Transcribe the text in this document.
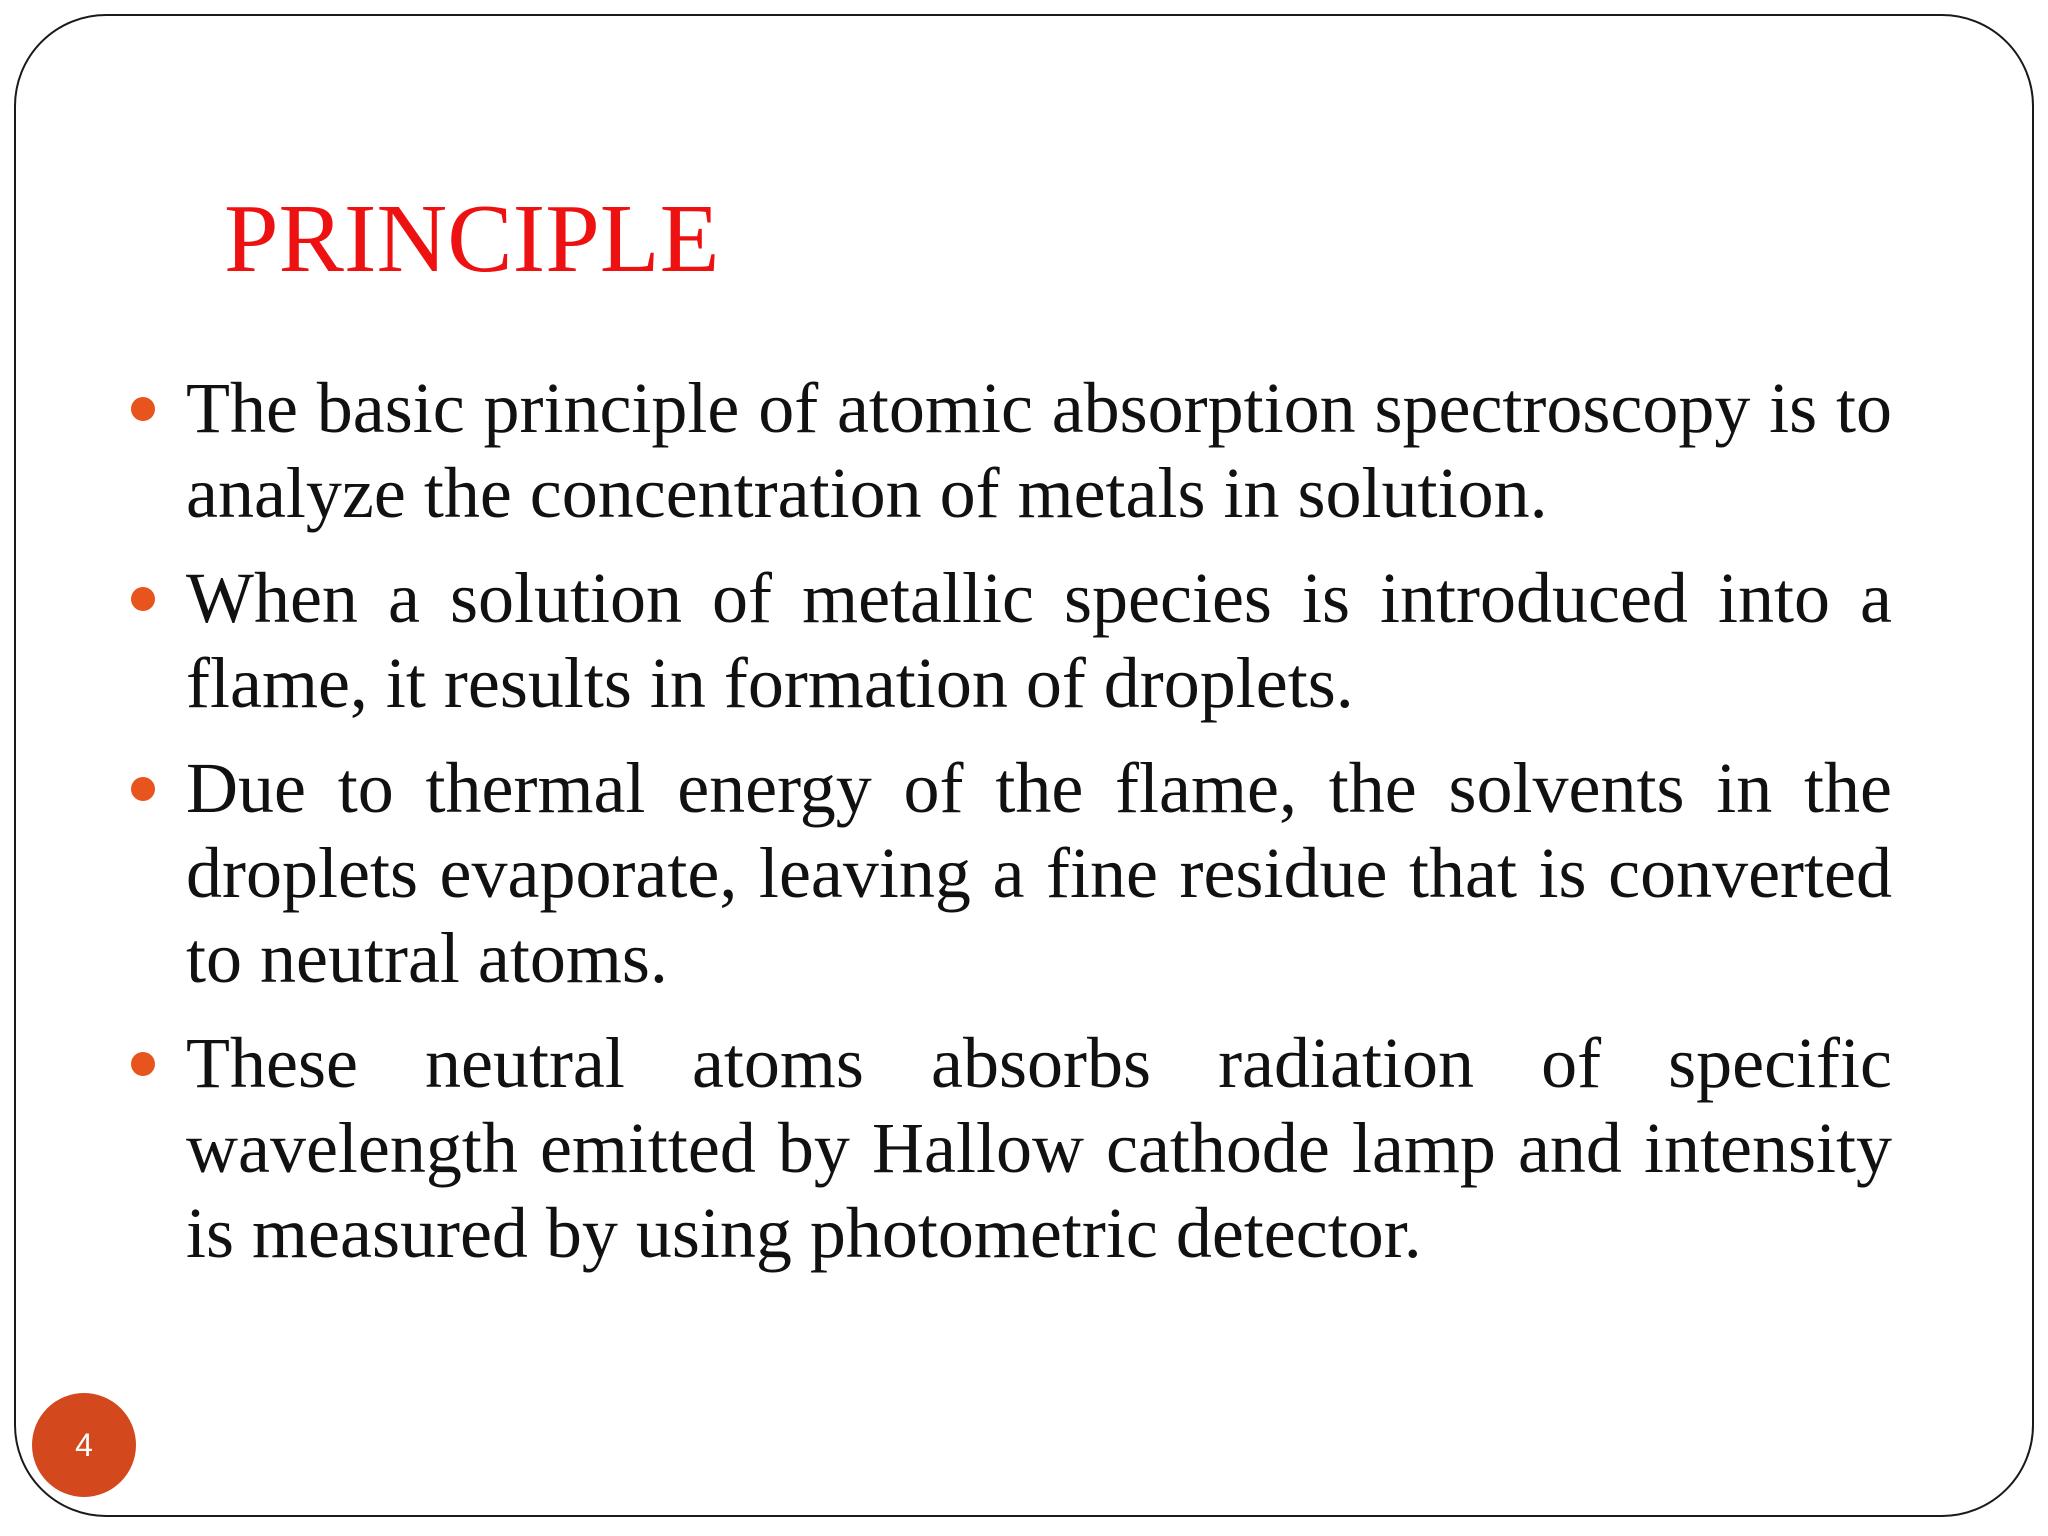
PRINCIPLE
The basic principle of atomic absorption spectroscopy is to analyze the concentration of metals in solution.
When a solution of metallic species is introduced into a flame, it results in formation of droplets.
Due to thermal energy of the flame, the solvents in the droplets evaporate, leaving a fine residue that is converted to neutral atoms.
These neutral atoms absorbs radiation of specific wavelength emitted by Hallow cathode lamp and intensity is measured by using photometric detector.
4
